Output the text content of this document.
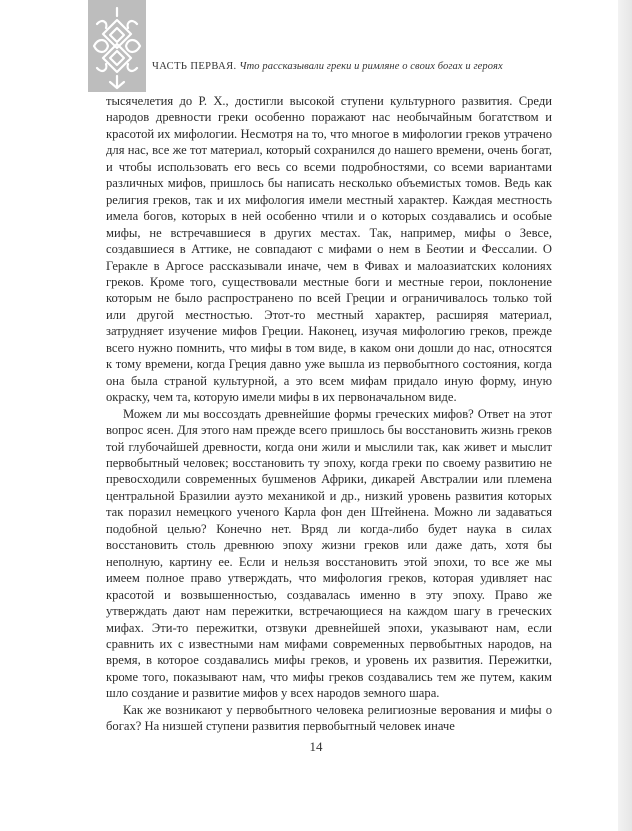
ЧАСТЬ ПЕРВАЯ. Что рассказывали греки и римляне о своих богах и героях

тысячелетия до Р. Х., достигли высокой ступени культурного развития. Среди народов древности греки особенно поражают нас необычайным богатством и красотой их мифологии. Несмотря на то, что многое в мифологии греков утрачено для нас, все же тот материал, который сохранился до нашего времени, очень богат, и чтобы использовать его весь со всеми подробностями, со всеми вариантами различных мифов, пришлось бы написать несколько объемистых томов. Ведь как религия греков, так и их мифология имели местный характер. Каждая местность имела богов, которых в ней особенно чтили и о которых создавались и особые мифы, не встречавшиеся в других местах. Так, например, мифы о Зевсе, создавшиеся в Аттике, не совпадают с мифами о нем в Беотии и Фессалии. О Геракле в Аргосе рассказывали иначе, чем в Фивах и малоазиатских колониях греков. Кроме того, существовали местные боги и местные герои, поклонение которым не было распространено по всей Греции и ограничивалось только той или другой местностью. Этот-то местный характер, расширяя материал, затрудняет изучение мифов Греции. Наконец, изучая мифологию греков, прежде всего нужно помнить, что мифы в том виде, в каком они дошли до нас, относятся к тому времени, когда Греция давно уже вышла из первобытного состояния, когда она была страной культурной, а это всем мифам придало иную форму, иную окраску, чем та, которую имели мифы в их первоначальном виде.

Можем ли мы воссоздать древнейшие формы греческих мифов? Ответ на этот вопрос ясен. Для этого нам прежде всего пришлось бы восстановить жизнь греков той глубочайшей древности, когда они жили и мыслили так, как живет и мыслит первобытный человек; восстановить ту эпоху, когда греки по своему развитию не превосходили современных бушменов Африки, дикарей Австралии или племена центральной Бразилии ауэто механикой и др., низкий уровень развития которых так поразил немецкого ученого Карла фон ден Штейнена. Можно ли задаваться подобной целью? Конечно нет. Вряд ли когда-либо будет наука в силах восстановить столь древнюю эпоху жизни греков или даже дать, хотя бы неполную, картину ее. Если и нельзя восстановить этой эпохи, то все же мы имеем полное право утверждать, что мифология греков, которая удивляет нас красотой и возвышенностью, создавалась именно в эту эпоху. Право же утверждать дают нам пережитки, встречающиеся на каждом шагу в греческих мифах. Эти-то пережитки, отзвуки древнейшей эпохи, указывают нам, если сравнить их с известными нам мифами современных первобытных народов, на время, в которое создавались мифы греков, и уровень их развития. Пережитки, кроме того, показывают нам, что мифы греков создавались тем же путем, каким шло создание и развитие мифов у всех народов земного шара.

Как же возникают у первобытного человека религиозные верования и мифы о богах? На низшей ступени развития первобытный человек иначе

14
